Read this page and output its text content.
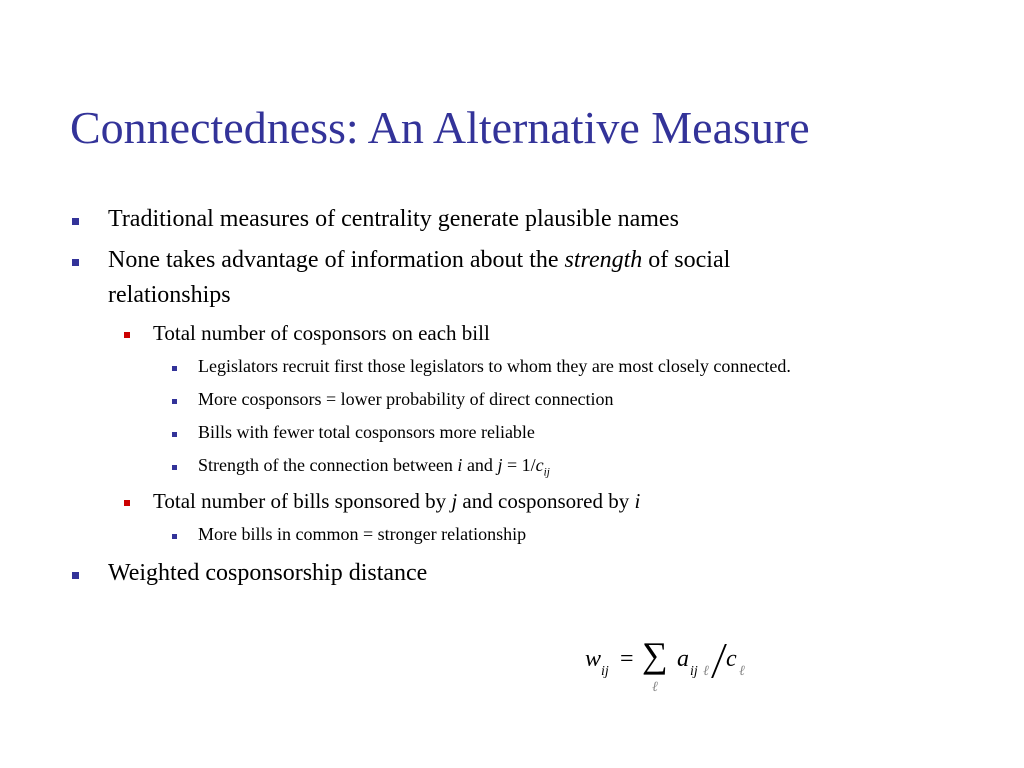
Connectedness: An Alternative Measure
Traditional measures of centrality generate plausible names
None takes advantage of information about the strength of social
relationships
Total number of cosponsors on each bill
Legislators recruit first those legislators to whom they are most closely connected.
More cosponsors = lower probability of direct connection
Bills with fewer total cosponsors more reliable
Strength of the connection between i and $j = 1/c_{ij}$
Total number of bills sponsored by j and cosponsored by i
More bills in common = stronger relationship
Weighted cosponsorship distance
w ij = ∑
ℓ
a ij ℓ c ℓ
